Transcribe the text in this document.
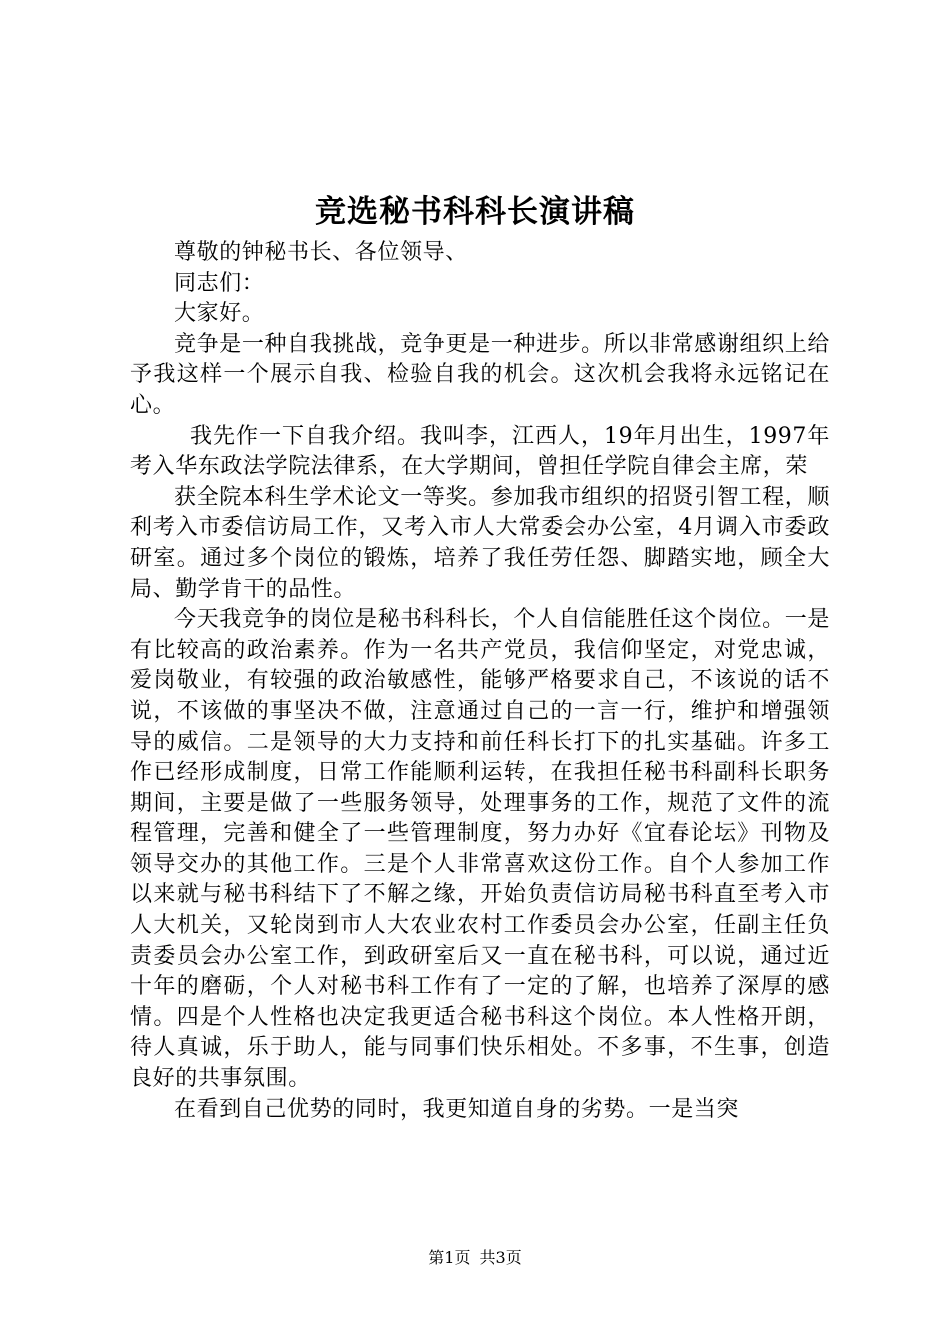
竞选秘书科科长演讲稿

尊敬的钟秘书长、各位领导、

同志们：

大家好。

竞争是一种自我挑战，竞争更是一种进步。所以非常感谢组织上给予我这样一个展示自我、检验自我的机会。这次机会我将永远铭记在心。

我先作一下自我介绍。我叫李，江西人，19年月出生，1997年考入华东政法学院法律系，在大学期间，曾担任学院自律会主席，荣

获全院本科生学术论文一等奖。参加我市组织的招贤引智工程，顺利考入市委信访局工作，又考入市人大常委会办公室，4月调入市委政研室。通过多个岗位的锻炼，培养了我任劳任怨、脚踏实地，顾全大局、勤学肯干的品性。

今天我竞争的岗位是秘书科科长，个人自信能胜任这个岗位。一是有比较高的政治素养。作为一名共产党员，我信仰坚定，对党忠诚，爱岗敬业，有较强的政治敏感性，能够严格要求自己，不该说的话不说，不该做的事坚决不做，注意通过自己的一言一行，维护和增强领导的威信。二是领导的大力支持和前任科长打下的扎实基础。许多工作已经形成制度，日常工作能顺利运转，在我担任秘书科副科长职务期间，主要是做了一些服务领导，处理事务的工作，规范了文件的流程管理，完善和健全了一些管理制度，努力办好《宜春论坛》刊物及领导交办的其他工作。三是个人非常喜欢这份工作。自个人参加工作以来就与秘书科结下了不解之缘，开始负责信访局秘书科直至考入市人大机关，又轮岗到市人大农业农村工作委员会办公室，任副主任负责委员会办公室工作，到政研室后又一直在秘书科，可以说，通过近十年的磨砺，个人对秘书科工作有了一定的了解，也培养了深厚的感情。四是个人性格也决定我更适合秘书科这个岗位。本人性格开朗，待人真诚，乐于助人，能与同事们快乐相处。不多事，不生事，创造良好的共事氛围。

在看到自己优势的同时，我更知道自身的劣势。一是当突

第1页 共3页
